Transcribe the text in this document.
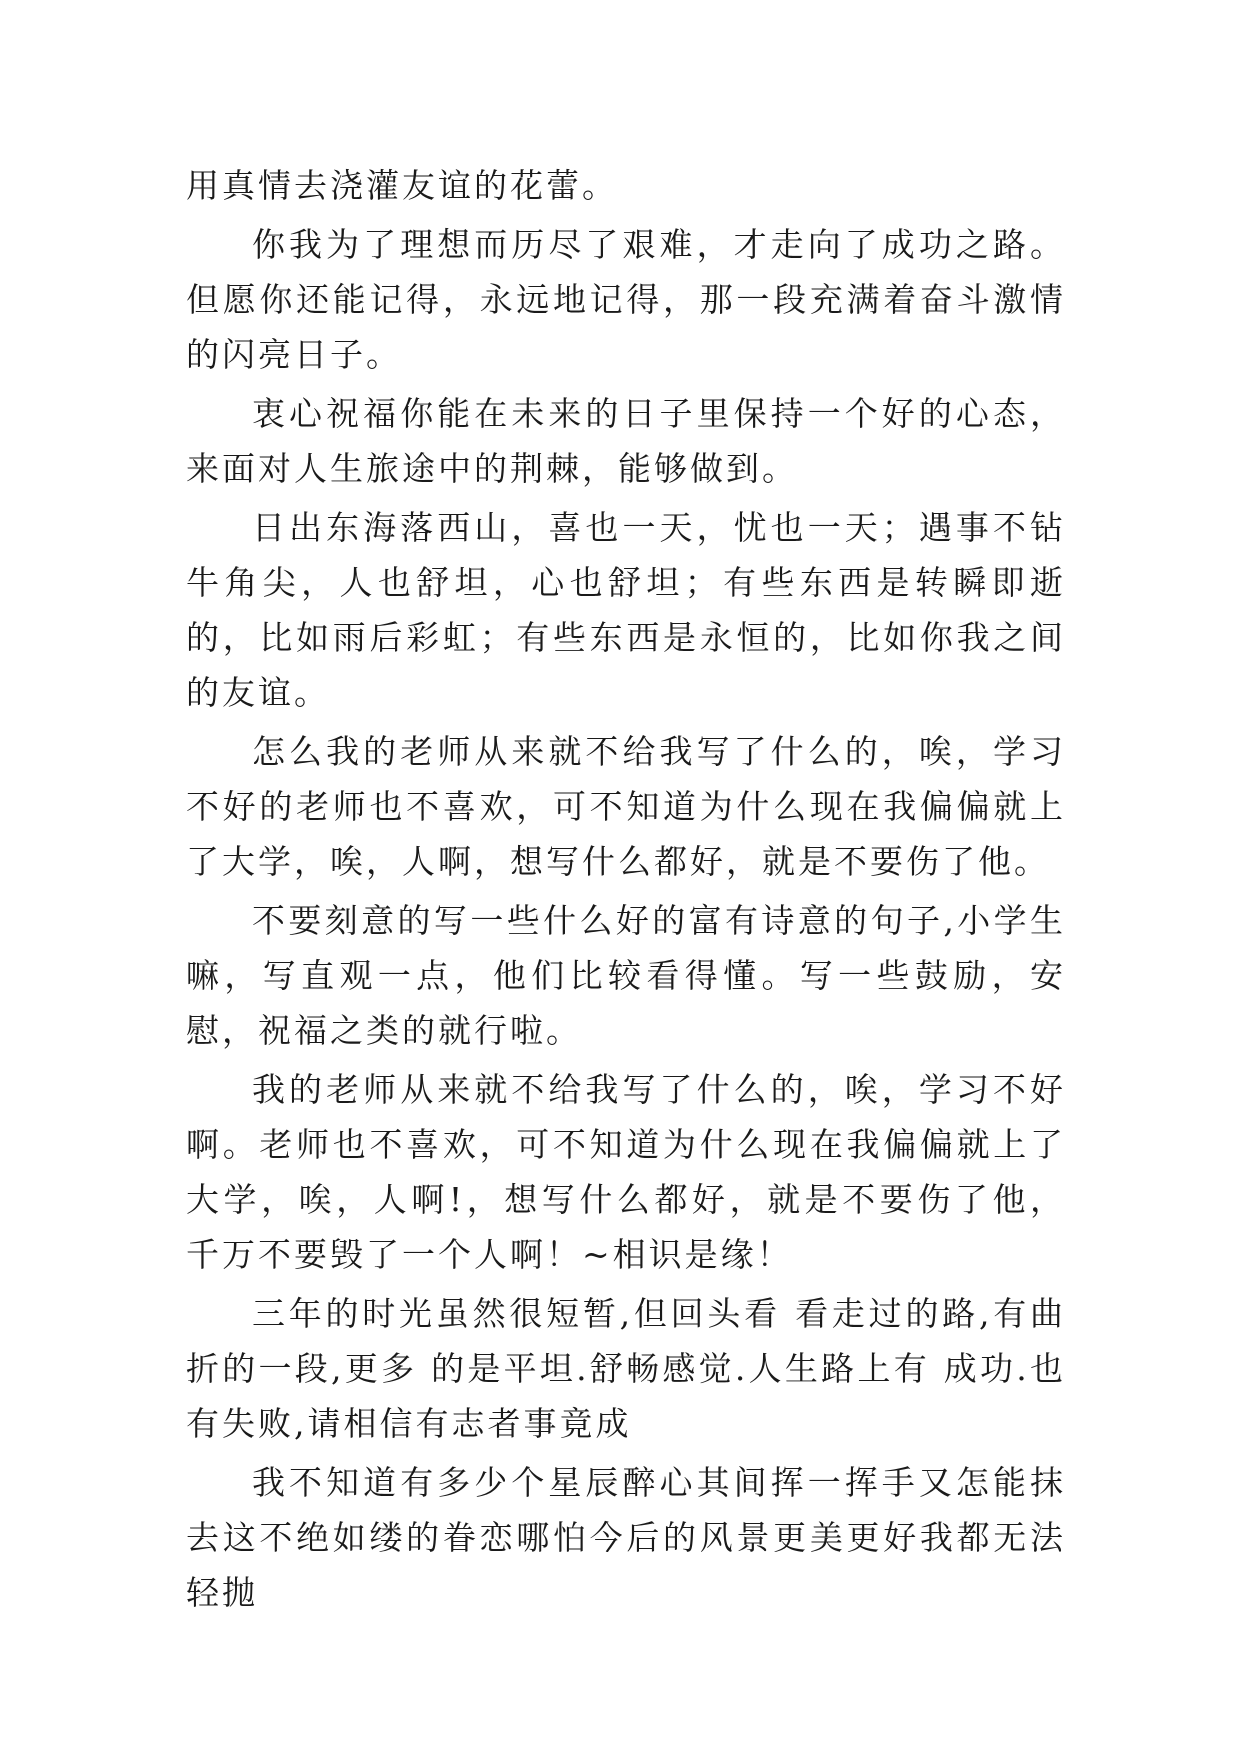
用真情去浇灌友谊的花蕾。

你我为了理想而历尽了艰难，才走向了成功之路。但愿你还能记得，永远地记得，那一段充满着奋斗激情的闪亮日子。

衷心祝福你能在未来的日子里保持一个好的心态，来面对人生旅途中的荆棘，能够做到。

日出东海落西山，喜也一天，忧也一天；遇事不钻牛角尖，人也舒坦，心也舒坦；有些东西是转瞬即逝的，比如雨后彩虹；有些东西是永恒的，比如你我之间的友谊。

怎么我的老师从来就不给我写了什么的，唉，学习不好的老师也不喜欢，可不知道为什么现在我偏偏就上了大学，唉，人啊，想写什么都好，就是不要伤了他。

不要刻意的写一些什么好的富有诗意的句子,小学生嘛，写直观一点，他们比较看得懂。写一些鼓励，安慰，祝福之类的就行啦。

我的老师从来就不给我写了什么的，唉，学习不好啊。老师也不喜欢，可不知道为什么现在我偏偏就上了大学，唉，人啊!，想写什么都好，就是不要伤了他，千万不要毁了一个人啊！~相识是缘！

三年的时光虽然很短暂,但回头看 看走过的路,有曲折的一段,更多 的是平坦.舒畅感觉.人生路上有 成功.也有失败,请相信有志者事竟成

我不知道有多少个星辰醉心其间挥一挥手又怎能抹去这不绝如缕的眷恋哪怕今后的风景更美更好我都无法轻抛
